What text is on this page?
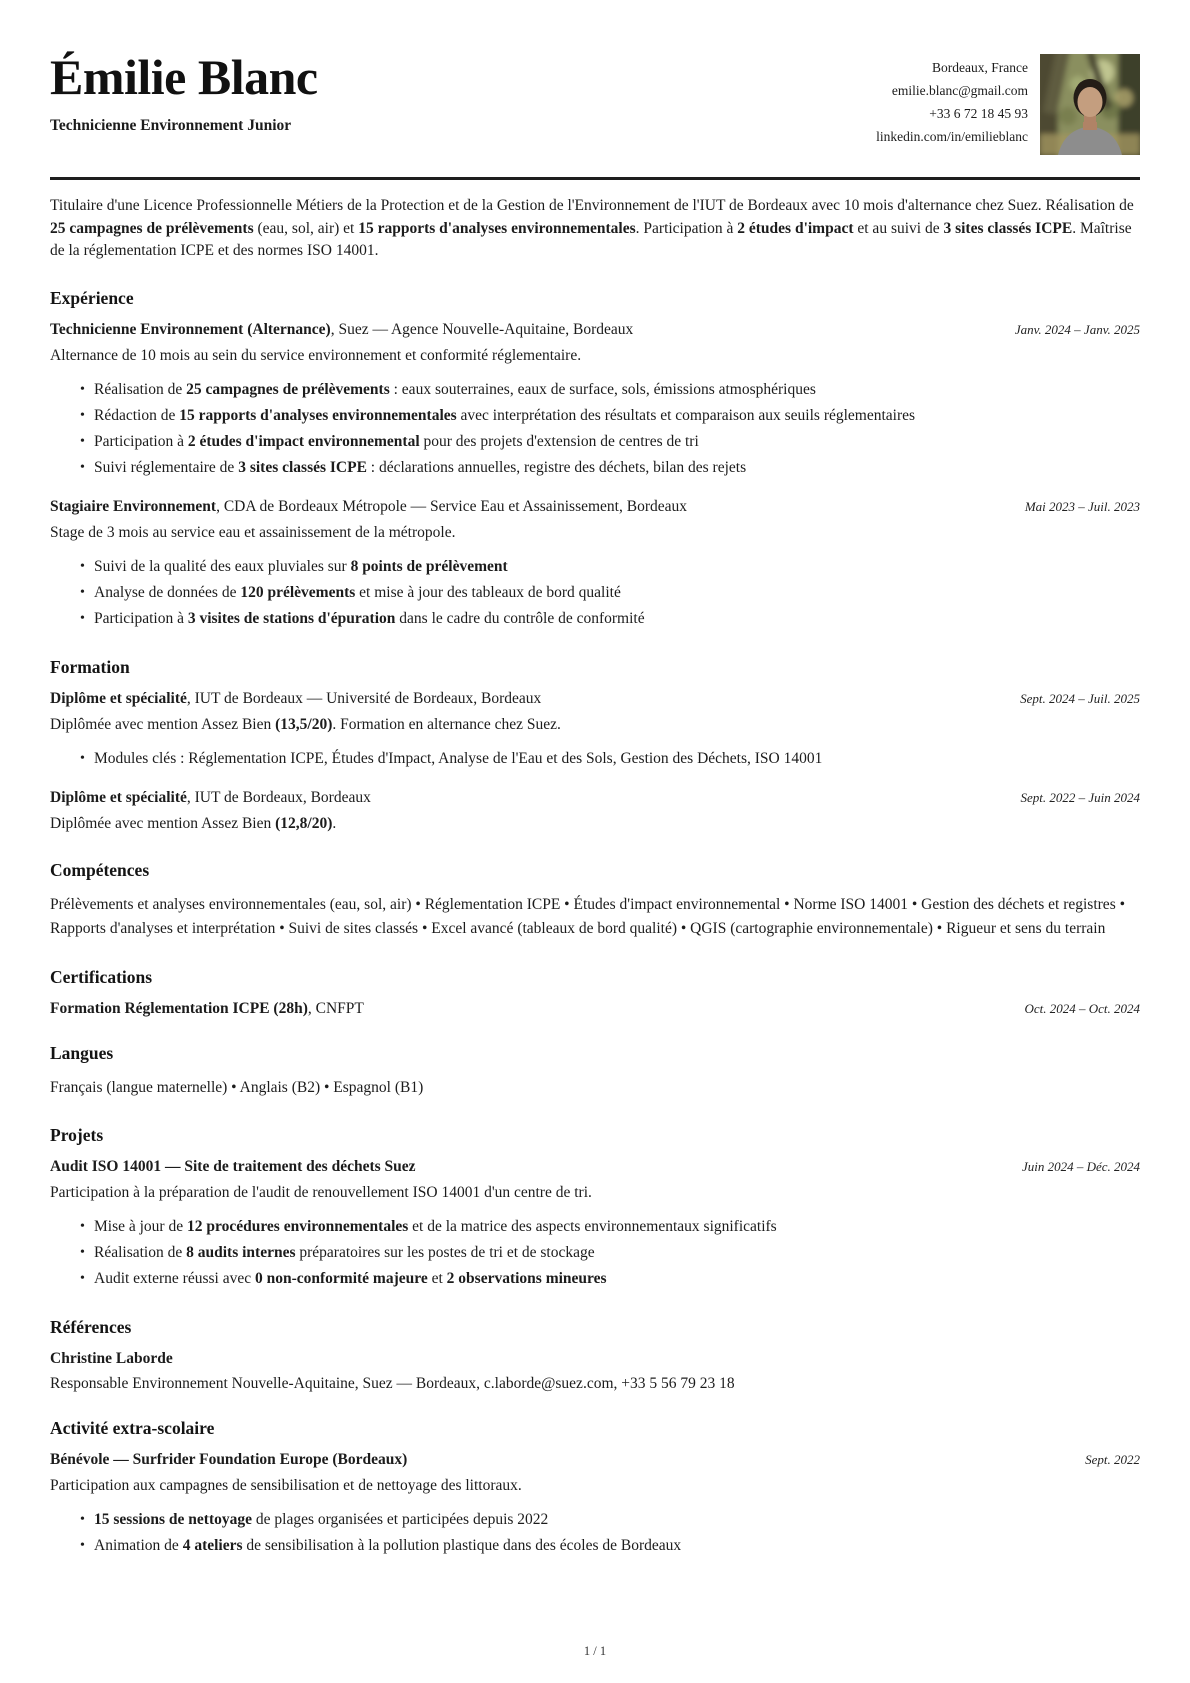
Émilie Blanc
Technicienne Environnement Junior
Bordeaux, France
emilie.blanc@gmail.com
+33 6 72 18 45 93
linkedin.com/in/emilieblanc

Titulaire d'une Licence Professionnelle Métiers de la Protection et de la Gestion de l'Environnement de l'IUT de Bordeaux avec 10 mois d'alternance chez Suez. Réalisation de 25 campagnes de prélèvements (eau, sol, air) et 15 rapports d'analyses environnementales. Participation à 2 études d'impact et au suivi de 3 sites classés ICPE. Maîtrise de la réglementation ICPE et des normes ISO 14001.

Expérience
Technicienne Environnement (Alternance), Suez — Agence Nouvelle-Aquitaine, Bordeaux	Janv. 2024 – Janv. 2025
Alternance de 10 mois au sein du service environnement et conformité réglementaire.
• Réalisation de 25 campagnes de prélèvements : eaux souterraines, eaux de surface, sols, émissions atmosphériques
• Rédaction de 15 rapports d'analyses environnementales avec interprétation des résultats et comparaison aux seuils réglementaires
• Participation à 2 études d'impact environnemental pour des projets d'extension de centres de tri
• Suivi réglementaire de 3 sites classés ICPE : déclarations annuelles, registre des déchets, bilan des rejets
Stagiaire Environnement, CDA de Bordeaux Métropole — Service Eau et Assainissement, Bordeaux	Mai 2023 – Juil. 2023
Stage de 3 mois au service eau et assainissement de la métropole.
• Suivi de la qualité des eaux pluviales sur 8 points de prélèvement
• Analyse de données de 120 prélèvements et mise à jour des tableaux de bord qualité
• Participation à 3 visites de stations d'épuration dans le cadre du contrôle de conformité
Formation
Diplôme et spécialité, IUT de Bordeaux — Université de Bordeaux, Bordeaux	Sept. 2024 – Juil. 2025
Diplômée avec mention Assez Bien (13,5/20). Formation en alternance chez Suez.
• Modules clés : Réglementation ICPE, Études d'Impact, Analyse de l'Eau et des Sols, Gestion des Déchets, ISO 14001
Diplôme et spécialité, IUT de Bordeaux, Bordeaux	Sept. 2022 – Juin 2024
Diplômée avec mention Assez Bien (12,8/20).
Compétences

Prélèvements et analyses environnementales (eau, sol, air) • Réglementation ICPE • Études d'impact environnemental • Norme ISO 14001 • Gestion des déchets et registres • Rapports d'analyses et interprétation • Suivi de sites classés • Excel avancé (tableaux de bord qualité) • QGIS (cartographie environnementale) • Rigueur et sens du terrain

Certifications
Formation Réglementation ICPE (28h), CNFPT	Oct. 2024 – Oct. 2024
Langues

Français (langue maternelle) • Anglais (B2) • Espagnol (B1)

Projets
Audit ISO 14001 — Site de traitement des déchets Suez	Juin 2024 – Déc. 2024
Participation à la préparation de l'audit de renouvellement ISO 14001 d'un centre de tri.
• Mise à jour de 12 procédures environnementales et de la matrice des aspects environnementaux significatifs
• Réalisation de 8 audits internes préparatoires sur les postes de tri et de stockage
• Audit externe réussi avec 0 non-conformité majeure et 2 observations mineures
Références
Christine Laborde
Responsable Environnement Nouvelle-Aquitaine, Suez — Bordeaux, c.laborde@suez.com, +33 5 56 79 23 18
Activité extra-scolaire
Bénévole — Surfrider Foundation Europe (Bordeaux)	Sept. 2022
Participation aux campagnes de sensibilisation et de nettoyage des littoraux.
• 15 sessions de nettoyage de plages organisées et participées depuis 2022
• Animation de 4 ateliers de sensibilisation à la pollution plastique dans des écoles de Bordeaux
1 / 1
